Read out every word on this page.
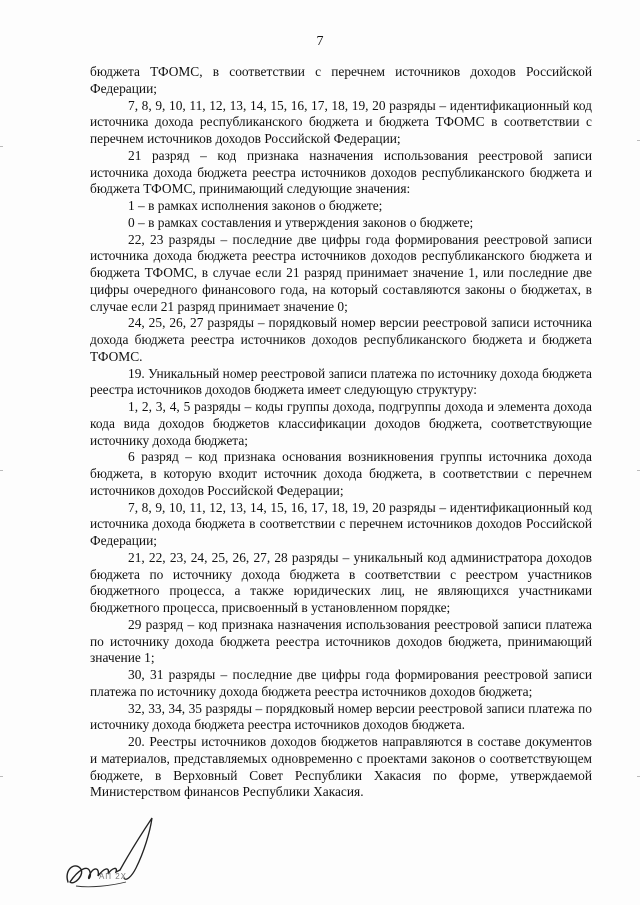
7

бюджета ТФОМС, в соответствии с перечнем источников доходов Российской Федерации;

7, 8, 9, 10, 11, 12, 13, 14, 15, 16, 17, 18, 19, 20 разряды – идентификационный код источника дохода республиканского бюджета и бюджета ТФОМС в соответствии с перечнем источников доходов Российской Федерации;

21 разряд – код признака назначения использования реестровой записи источника дохода бюджета реестра источников доходов республиканского бюджета и бюджета ТФОМС, принимающий следующие значения:

1 – в рамках исполнения законов о бюджете;

0 – в рамках составления и утверждения законов о бюджете;

22, 23 разряды – последние две цифры года формирования реестровой записи источника дохода бюджета реестра источников доходов республиканского бюджета и бюджета ТФОМС, в случае если 21 разряд принимает значение 1, или последние две цифры очередного финансового года, на который составляются законы о бюджетах, в случае если 21 разряд принимает значение 0;

24, 25, 26, 27 разряды – порядковый номер версии реестровой записи источника дохода бюджета реестра источников доходов республиканского бюджета и бюджета ТФОМС.

19. Уникальный номер реестровой записи платежа по источнику дохода бюджета реестра источников доходов бюджета имеет следующую структуру:

1, 2, 3, 4, 5 разряды – коды группы дохода, подгруппы дохода и элемента дохода кода вида доходов бюджетов классификации доходов бюджета, соответствующие источнику дохода бюджета;

6 разряд – код признака основания возникновения группы источника дохода бюджета, в которую входит источник дохода бюджета, в соответствии с перечнем источников доходов Российской Федерации;

7, 8, 9, 10, 11, 12, 13, 14, 15, 16, 17, 18, 19, 20 разряды – идентификационный код источника дохода бюджета в соответствии с перечнем источников доходов Российской Федерации;

21, 22, 23, 24, 25, 26, 27, 28 разряды – уникальный код администратора доходов бюджета по источнику дохода бюджета в соответствии с реестром участников бюджетного процесса, а также юридических лиц, не являющихся участниками бюджетного процесса, присвоенный в установленном порядке;

29 разряд – код признака назначения использования реестровой записи платежа по источнику дохода бюджета реестра источников доходов бюджета, принимающий значение 1;

30, 31 разряды – последние две цифры года формирования реестровой записи платежа по источнику дохода бюджета реестра источников доходов бюджета;

32, 33, 34, 35 разряды – порядковый номер версии реестровой записи платежа по источнику дохода бюджета реестра источников доходов бюджета.

20. Реестры источников доходов бюджетов направляются в составе документов и материалов, представляемых одновременно с проектами законов о соответствующем бюджете, в Верховный Совет Республики Хакасия по форме, утверждаемой Министерством финансов Республики Хакасия.

АП 2Х
